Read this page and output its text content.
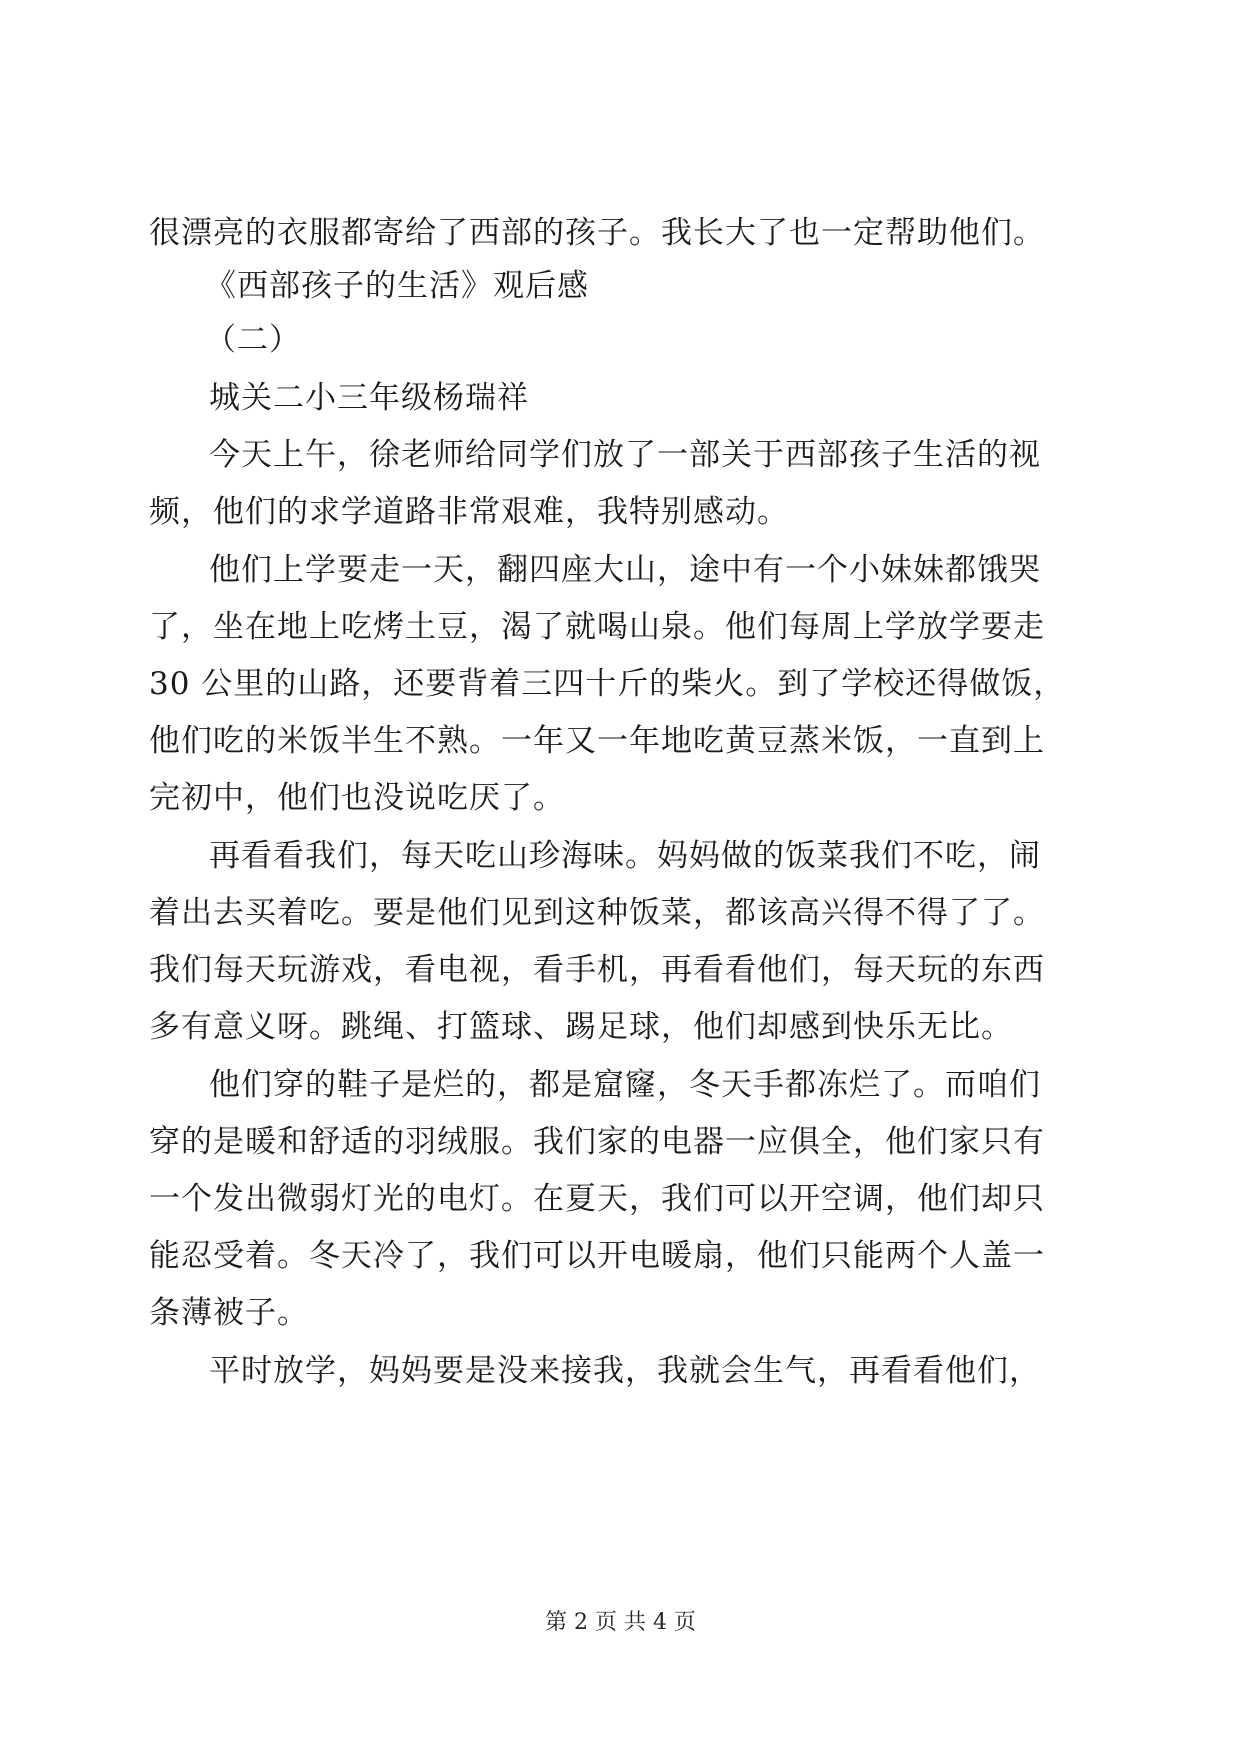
很漂亮的衣服都寄给了西部的孩子。我长大了也一定帮助他们。
《西部孩子的生活》观后感
（二）
城关二小三年级杨瑞祥
今天上午，徐老师给同学们放了一部关于西部孩子生活的视
频，他们的求学道路非常艰难，我特别感动。
他们上学要走一天，翻四座大山，途中有一个小妹妹都饿哭
了，坐在地上吃烤土豆，渴了就喝山泉。他们每周上学放学要走
30 公里的山路，还要背着三四十斤的柴火。到了学校还得做饭，
他们吃的米饭半生不熟。一年又一年地吃黄豆蒸米饭，一直到上
完初中，他们也没说吃厌了。
再看看我们，每天吃山珍海味。妈妈做的饭菜我们不吃，闹
着出去买着吃。要是他们见到这种饭菜，都该高兴得不得了了。
我们每天玩游戏，看电视，看手机，再看看他们，每天玩的东西
多有意义呀。跳绳、打篮球、踢足球，他们却感到快乐无比。
他们穿的鞋子是烂的，都是窟窿，冬天手都冻烂了。而咱们
穿的是暖和舒适的羽绒服。我们家的电器一应俱全，他们家只有
一个发出微弱灯光的电灯。在夏天，我们可以开空调，他们却只
能忍受着。冬天冷了，我们可以开电暖扇，他们只能两个人盖一
条薄被子。
平时放学，妈妈要是没来接我，我就会生气，再看看他们，
第 2 页 共 4 页
